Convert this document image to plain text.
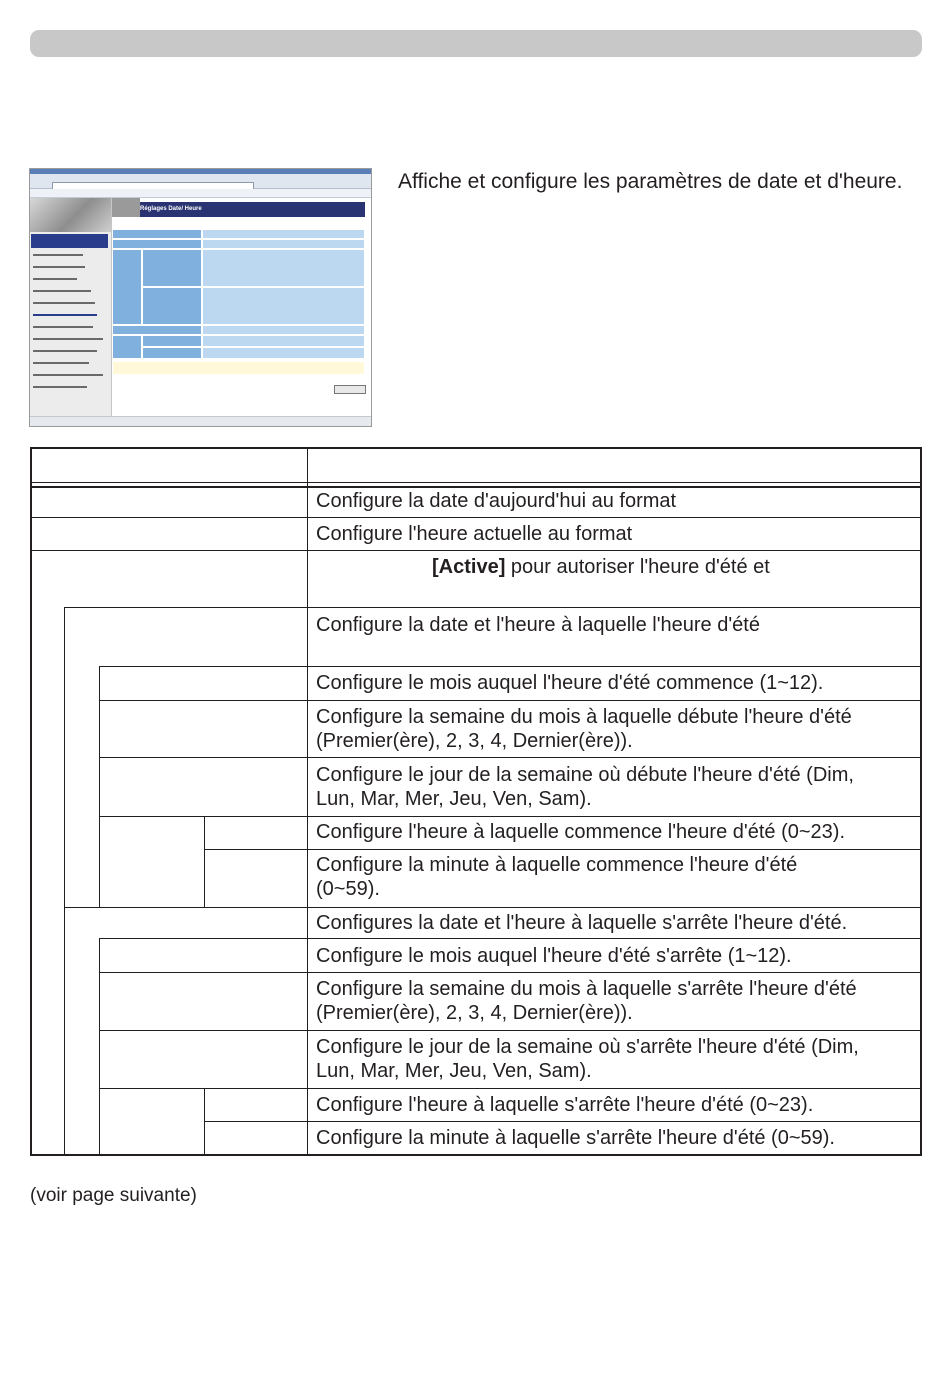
Réglages Date/ Heure
Affiche et configure les paramètres de date et d'heure.
Configure la date d'aujourd'hui au format
Configure l'heure actuelle au format
[Active] pour autoriser l'heure d'été et
Configure la date et l'heure à laquelle l'heure d'été
Configure le mois auquel l'heure d'été commence (1~12).
Configure la semaine du mois à laquelle débute l'heure d'été
(Premier(ère), 2, 3, 4, Dernier(ère)).
Configure le jour de la semaine où débute l'heure d'été (Dim,
Lun, Mar, Mer, Jeu, Ven, Sam).
Configure l'heure à laquelle commence l'heure d'été (0~23).
Configure la minute à laquelle commence l'heure d'été
(0~59).
Configures la date et l'heure à laquelle s'arrête l'heure d'été.
Configure le mois auquel l'heure d'été s'arrête (1~12).
Configure la semaine du mois à laquelle s'arrête l'heure d'été
(Premier(ère), 2, 3, 4, Dernier(ère)).
Configure le jour de la semaine où s'arrête l'heure d'été (Dim,
Lun, Mar, Mer, Jeu, Ven, Sam).
Configure l'heure à laquelle s'arrête l'heure d'été (0~23).
Configure la minute à laquelle s'arrête l'heure d'été (0~59).
(voir page suivante)
